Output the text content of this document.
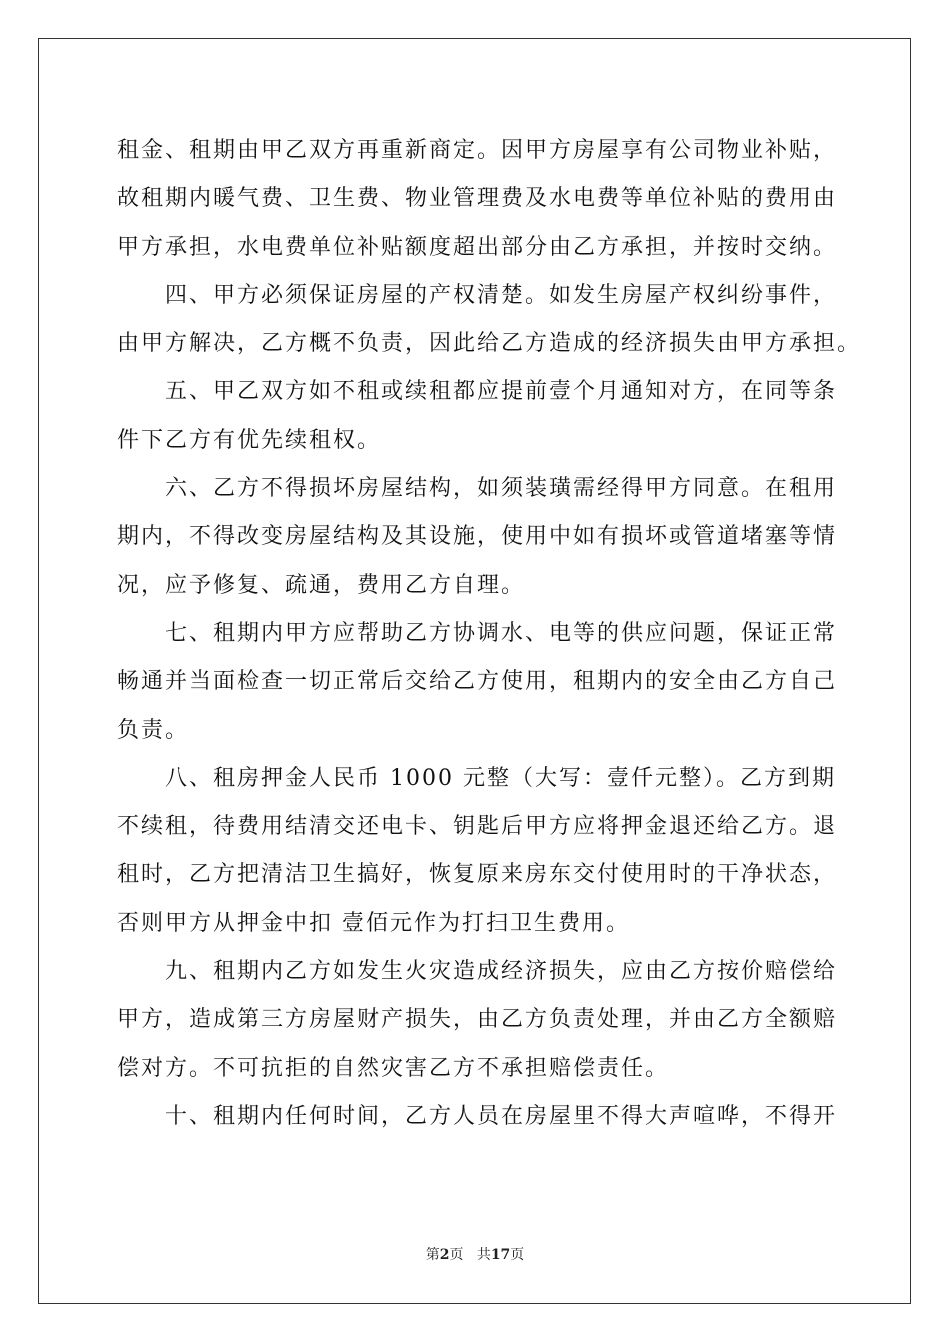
租金、租期由甲乙双方再重新商定。因甲方房屋享有公司物业补贴，

故租期内暖气费、卫生费、物业管理费及水电费等单位补贴的费用由

甲方承担，水电费单位补贴额度超出部分由乙方承担，并按时交纳。

四、甲方必须保证房屋的产权清楚。如发生房屋产权纠纷事件，

由甲方解决，乙方概不负责，因此给乙方造成的经济损失由甲方承担。

五、甲乙双方如不租或续租都应提前壹个月通知对方，在同等条

件下乙方有优先续租权。

六、乙方不得损坏房屋结构，如须装璜需经得甲方同意。在租用

期内，不得改变房屋结构及其设施，使用中如有损坏或管道堵塞等情

况，应予修复、疏通，费用乙方自理。

七、租期内甲方应帮助乙方协调水、电等的供应问题，保证正常

畅通并当面检查一切正常后交给乙方使用，租期内的安全由乙方自己

负责。

八、租房押金人民币 1000 元整（大写：壹仟元整）。乙方到期

不续租，待费用结清交还电卡、钥匙后甲方应将押金退还给乙方。退

租时，乙方把清洁卫生搞好，恢复原来房东交付使用时的干净状态，

否则甲方从押金中扣 壹佰元作为打扫卫生费用。

九、租期内乙方如发生火灾造成经济损失，应由乙方按价赔偿给

甲方，造成第三方房屋财产损失，由乙方负责处理，并由乙方全额赔

偿对方。不可抗拒的自然灾害乙方不承担赔偿责任。

十、租期内任何时间，乙方人员在房屋里不得大声喧哗，不得开

第2页 共17页
